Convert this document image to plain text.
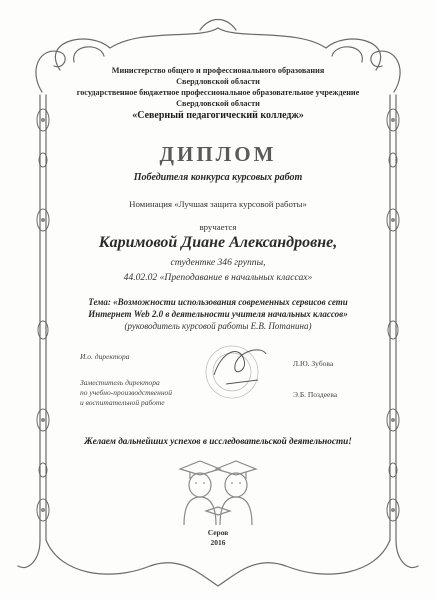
Министерство общего и профессионального образования
Свердловской области
государственное бюджетное профессиональное образовательное учреждение
Свердловской области
«Северный педагогический колледж»
ДИПЛОМ
Победителя конкурса курсовых работ
Номинация «Лучшая защита курсовой работы»
вручается
Каримовой Диане Александровне,
студентке 346 группы,
44.02.02 «Преподавание в начальных классах»
Тема: «Возможности использования современных сервисов сети
Интернет Web 2.0 в деятельности учителя начальных классов»
(руководитель курсовой работы Е.В. Потанина)
И.о. директора
Л.Ю. Зубова
Заместитель директора
по учебно-производственной
и воспитательной работе
Э.Б. Поздеева
Желаем дальнейших успехов в исследовательской деятельности!
Серов
2016
